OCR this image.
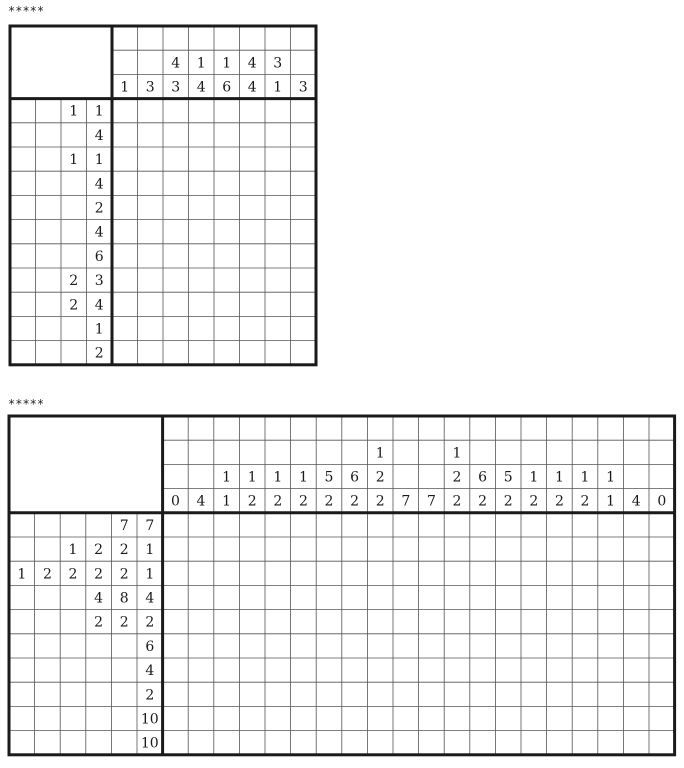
*****
1 3
4
3
1
4
1
6
4
4
3
1 3
1 1
4
1 1
4
2
4
6
2 3
2 4
1
2
*****
0 4
1
1
1
2
1
2
1
2
5
2
6
2
1
2
2 7 7
1
2
2
6
2
5
2
1
2
1
2
1
2
1
1 4 0
7 7
1 2 2 1
1 2 2 2 2 1
4 8 4
2 2 2
6
4
2
10
10
